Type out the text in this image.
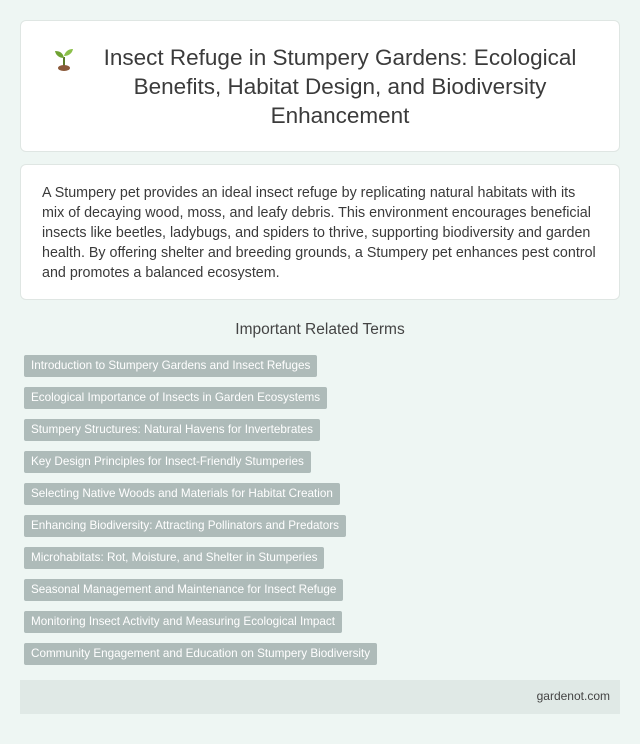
Insect Refuge in Stumpery Gardens: Ecological Benefits, Habitat Design, and Biodiversity Enhancement

A Stumpery pet provides an ideal insect refuge by replicating natural habitats with its mix of decaying wood, moss, and leafy debris. This environment encourages beneficial insects like beetles, ladybugs, and spiders to thrive, supporting biodiversity and garden health. By offering shelter and breeding grounds, a Stumpery pet enhances pest control and promotes a balanced ecosystem.

Important Related Terms
Introduction to Stumpery Gardens and Insect Refuges
Ecological Importance of Insects in Garden Ecosystems
Stumpery Structures: Natural Havens for Invertebrates
Key Design Principles for Insect-Friendly Stumperies
Selecting Native Woods and Materials for Habitat Creation
Enhancing Biodiversity: Attracting Pollinators and Predators
Microhabitats: Rot, Moisture, and Shelter in Stumperies
Seasonal Management and Maintenance for Insect Refuge
Monitoring Insect Activity and Measuring Ecological Impact
Community Engagement and Education on Stumpery Biodiversity
gardenot.com
